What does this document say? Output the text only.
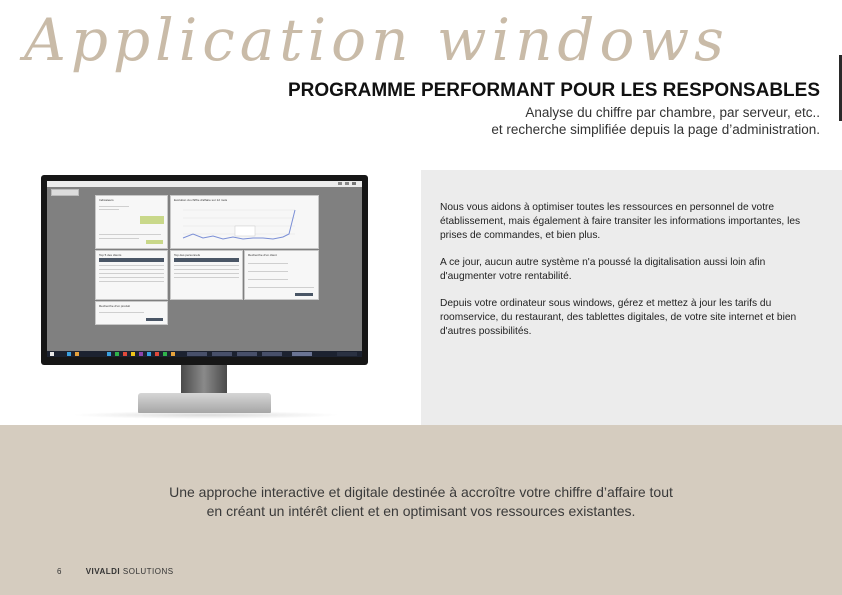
Application windows
PROGRAMME PERFORMANT POUR LES RESPONSABLES
Analyse du chiffre par chambre, par serveur, etc..
et recherche simplifiée depuis la page d’administration.
Indicateurs	Evolution du chiffre d'affaire sur 12 mois
Top 5 des clients	Top des personnels	Recherche d'un client
Recherche d'un produit

Nous vous aidons à optimiser toutes les ressources en personnel de votre établissement, mais également à faire transiter les informations importantes, les prises de commandes, et bien plus.

A ce jour, aucun autre système n'a poussé la digitalisation aussi loin afin d'augmenter votre rentabilité.

Depuis votre ordinateur sous windows, gérez et mettez à jour les tarifs du roomservice, du restaurant, des tablettes digitales, de votre site internet et bien d'autres possibilités.

Une approche interactive et digitale destinée à accroître votre chiffre d’affaire tout
en créant un intérêt client et en optimisant vos ressources existantes.
6	VIVALDI SOLUTIONS
